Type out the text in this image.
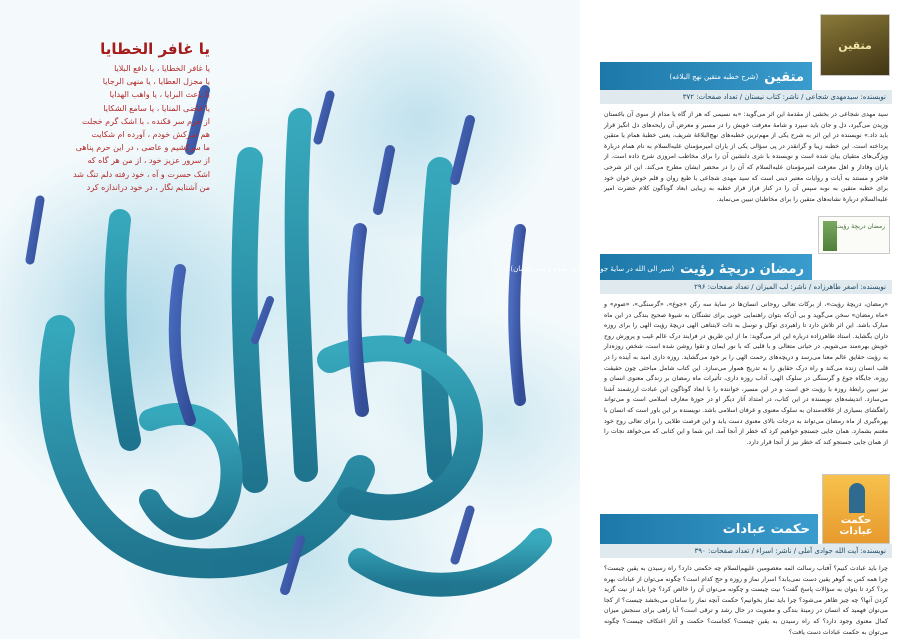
یا غافر الخطایا
یا غافر الخطایا ، یا دافع البلایا
یا مجزل العطایا ، یا منهی الرجایا
یا باعث البرایا ، یا واهب الهدایا
یا قاضی المنایا ، یا سامع الشکایا
از جرم سر فکنده ، با اشک گرم خجلت
هم سرکش خودم ، آورده ام شکایت
ما سرکشیم و عاصی ، در این حرم پناهی
از سرور عزیز خود ، از من هر گاه که
اشک حسرت و آه ، خود رفته دلم تنگ شد
من آشنایم نگار ، در خود دراندازه کرد
متقین
رمضان دریچهٔ رؤیت
حکمت عبادات
متقین
(شرح خطبه متقین نهج البلاغه)
نویسنده: سیدمهدی شجاعی / ناشر: کتاب نیستان / تعداد صفحات: ۳۷۲
سید مهدی شجاعی در بخشی از مقدمهٔ این اثر می‌گوید: «به نسیمی که هر از گاه یا مدام از سوی آن باغستان وزیدن می‌گیرد، دل و جان باید سپرد و شامهٔ معرفت خویش را در مسیر و معرض آن رایحه‌های دل انگیز قرار باید داد.» نویسنده در این اثر به شرح یکی از مهم‌ترین خطبه‌های نهج‌البلاغهٔ شریف، یعنی خطبهٔ همام یا متقین پرداخته است. این خطبه زیبا و گرانقدر در پی سؤالی یکی از یاران امیرمؤمنان علیه‌السلام به نام همام دربارهٔ ویژگی‌های متقیان بیان شده است و نویسنده با نثری دلنشین آن را برای مخاطب امروزی شرح داده است. از یاران وفادار و اهل معرفت امیرمؤمنان علیه‌السلام که آن را در محضر ایشان مطرح می‌کند. این اثر شرحی فاخر و مستند به آیات و روایات معتبر دینی است که سید مهدی شجاعی با طبع روان و قلم خوش خوان خود برای خطبه متقین به نوبه سپس آن را در کنار فراز فراز خطبه به زیبایی ابعاد گوناگون کلام حضرت امیر علیه‌السلام دربارهٔ نشانه‌های متقین را برای مخاطبان تبیین می‌نماید.
رمضان دریچهٔ رؤیت
(سیر الی الله در سایهٔ جوع، تشنگی، صوم و ماه رمضان)
نویسنده: اصغر طاهرزاده / ناشر: لب المیزان / تعداد صفحات: ۲۹۶
«رمضان، دریچهٔ رؤیت»، از برکات تعالی روحانی انسان‌ها در سایهٔ سه رکن «جوع»، «گرسنگی»، «صوم» و «ماه رمضان» سخن می‌گوید و بی آن‌که بتوان راهنمایی خوبی برای تشنگان به شیوهٔ صحیح بندگی در این ماه مبارک باشد. این اثر تلاش دارد تا راهبردی توکل و توسل به ذات لایتناهی الهی دریچهٔ رؤیت الهی را برای روزه داران بگشاید. استاد طاهرزاده درباره این اثر می‌گوید: ما از این طریق در فرایند درک عالم غیب و پرورش روح خویش بهره‌مند می‌شویم. در حیاتی متعالی و با قلبی که با نور ایمان و تقوا روشن شده است، شخص روزه‌دار به رؤیت حقایق عالم معنا می‌رسد و دریچه‌های رحمت الهی را بر خود می‌گشاید. روزه داری امید به آینده را در قلب انسان زنده می‌کند و راه درک حقایق را به‌ تدریج هموار می‌سازد. این کتاب شامل مباحثی چون حقیقت روزه، جایگاه جوع و گرسنگی در سلوک الهی، آداب روزه داری، تأثیرات ماه رمضان بر زندگی معنوی انسان و نیز تبیین رابطهٔ روزه با رؤیت حق است و در این مسیر، خواننده را با ابعاد گوناگون این عبادت ارزشمند آشنا می‌سازد. اندیشه‌های نویسنده در این کتاب، در امتداد آثار دیگر او در حوزهٔ معارف اسلامی است و می‌تواند راهگشای بسیاری از علاقه‌مندان به سلوک معنوی و عرفان اسلامی باشد. نویسنده بر این باور است که انسان با بهره‌گیری از ماه رمضان می‌تواند به درجات بالای معنوی دست یابد و این فرصت طلایی را برای تعالی روح خود مغتنم بشمارد. همان جایی جستجو خواهیم کرد که خطر از آنجا آمد. این شما و این کتابی که می‌خواهد نجات را از همان جایی جستجو کند که خطر نیز از آنجا قرار دارد.
حکمت عبادات
نویسنده: آیت الله جوادی آملی / ناشر: اسراء / تعداد صفحات: ۳۹۰
چرا باید عبادت کنیم؟ آفتاب رسالت ائمه معصومین علیهم‌السلام چه حکمتی دارد؟ راه رسیدن به یقین چیست؟ چرا همه کس به گوهر یقین دست نمی‌یابد؟ اسرار نماز و روزه و حج کدام است؟ چگونه می‌توان از عبادات بهره برد؟ کرد تا بتوان به سؤالات پاسخ گفت؟ نیت چیست و چگونه می‌توان آن را خالص کرد؟ چرا باید از نیت گزید کردن آنها؟ چه چیز ظاهر می‌شود؟ چرا باید نماز بخوانیم؟ حکمت آنچه نماز را سامان می‌بخشد چیست؟ از کجا می‌توان فهمید که انسان در زمینهٔ بندگی و معنویت در حال رشد و ترقی است؟ آیا راهی برای سنجش میزان کمال معنوی وجود دارد؟ که راه رسیدن به یقین چیست؟ کجاست؟ حکمت و آثار اعتکاف چیست؟ چگونه می‌توان به حکمت عبادات دست یافت؟
